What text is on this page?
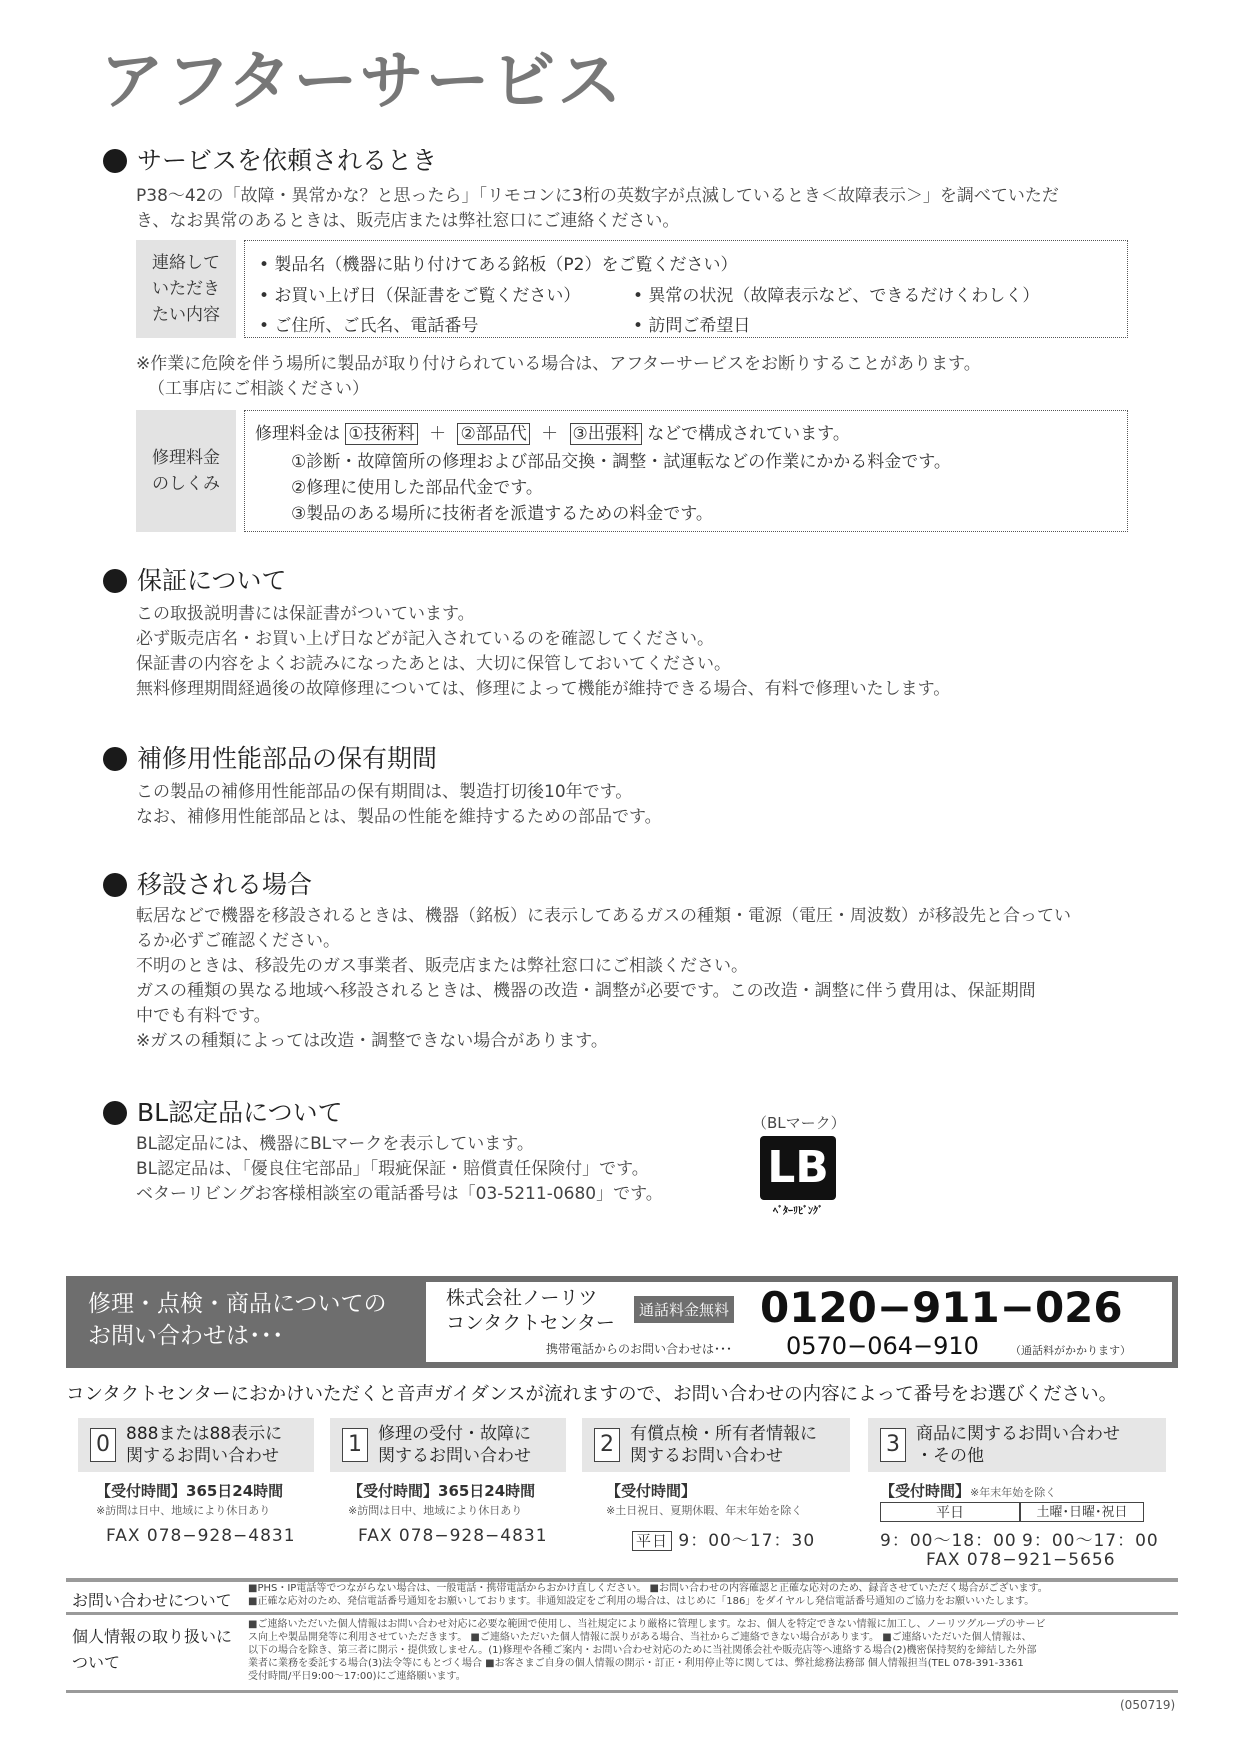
アフターサービス
サービスを依頼されるとき
P38～42の「故障・異常かな？と思ったら」「リモコンに3桁の英数字が点滅しているとき＜故障表示＞」を調べていただ
き、なお異常のあるときは、販売店または弊社窓口にご連絡ください。
連絡して
いただき
たい内容
• 製品名（機器に貼り付けてある銘板（P2）をご覧ください）
• お買い上げ日（保証書をご覧ください）	• 異常の状況（故障表示など、できるだけくわしく）
• ご住所、ご氏名、電話番号	• 訪問ご希望日
※作業に危険を伴う場所に製品が取り付けられている場合は、アフターサービスをお断りすることがあります。
（工事店にご相談ください）
修理料金
のしくみ
修理料金は ①技術料 ＋ ②部品代 ＋ ③出張料 などで構成されています。
①診断・故障箇所の修理および部品交換・調整・試運転などの作業にかかる料金です。
②修理に使用した部品代金です。
③製品のある場所に技術者を派遣するための料金です。
保証について
この取扱説明書には保証書がついています。
必ず販売店名・お買い上げ日などが記入されているのを確認してください。
保証書の内容をよくお読みになったあとは、大切に保管しておいてください。
無料修理期間経過後の故障修理については、修理によって機能が維持できる場合、有料で修理いたします。
補修用性能部品の保有期間
この製品の補修用性能部品の保有期間は、製造打切後10年です。
なお、補修用性能部品とは、製品の性能を維持するための部品です。
移設される場合
転居などで機器を移設されるときは、機器（銘板）に表示してあるガスの種類・電源（電圧・周波数）が移設先と合ってい
るか必ずご確認ください。
不明のときは、移設先のガス事業者、販売店または弊社窓口にご相談ください。
ガスの種類の異なる地域へ移設されるときは、機器の改造・調整が必要です。この改造・調整に伴う費用は、保証期間
中でも有料です。
※ガスの種類によっては改造・調整できない場合があります。
BL認定品について
BL認定品には、機器にBLマークを表示しています。
BL認定品は、「優良住宅部品」「瑕疵保証・賠償責任保険付」です。
ベターリビングお客様相談室の電話番号は「03-5211-0680」です。
（BLマーク）
LB
ﾍﾞﾀｰﾘﾋﾞﾝｸﾞ
修理・点検・商品についての
お問い合わせは･･･
株式会社ノーリツ
コンタクトセンター
通話料金無料 0120−911−026
携帯電話からのお問い合わせは･･･ 0570−064−910	（通話料がかかります）
コンタクトセンターにおかけいただくと音声ガイダンスが流れますので、お問い合わせの内容によって番号をお選びください。
0 888または88表示に
関するお問い合わせ
【受付時間】365日24時間
※訪問は日中、地域により休日あり
FAX 078−928−4831
1 修理の受付・故障に
関するお問い合わせ
【受付時間】365日24時間
※訪問は日中、地域により休日あり
FAX 078−928−4831
2 有償点検・所有者情報に
関するお問い合わせ
【受付時間】
※土日祝日、夏期休暇、年末年始を除く
平日 9：00〜17：30
3 商品に関するお問い合わせ
・その他
【受付時間】※年末年始を除く
平日	土曜･日曜･祝日
9：00〜18：00 9：00〜17：00
FAX 078−921−5656
お問い合わせについて
■PHS・IP電話等でつながらない場合は、一般電話・携帯電話からおかけ直しください。 ■お問い合わせの内容確認と正確な応対のため、録音させていただく場合がございます。
■正確な応対のため、発信電話番号通知をお願いしております。非通知設定をご利用の場合は、はじめに「186」をダイヤルし発信電話番号通知のご協力をお願いいたします。
個人情報の取り扱いに
ついて
■ご連絡いただいた個人情報はお問い合わせ対応に必要な範囲で使用し、当社規定により厳格に管理します。なお、個人を特定できない情報に加工し、ノーリツグループのサービ
ス向上や製品開発等に利用させていただきます。 ■ご連絡いただいた個人情報に誤りがある場合、当社からご連絡できない場合があります。 ■ご連絡いただいた個人情報は、
以下の場合を除き、第三者に開示・提供致しません。(1)修理や各種ご案内・お問い合わせ対応のために当社関係会社や販売店等へ連絡する場合(2)機密保持契約を締結した外部
業者に業務を委託する場合(3)法令等にもとづく場合 ■お客さまご自身の個人情報の開示・訂正・利用停止等に関しては、弊社総務法務部 個人情報担当(TEL 078-391-3361
受付時間/平日9:00〜17:00)にご連絡願います。
(050719)
